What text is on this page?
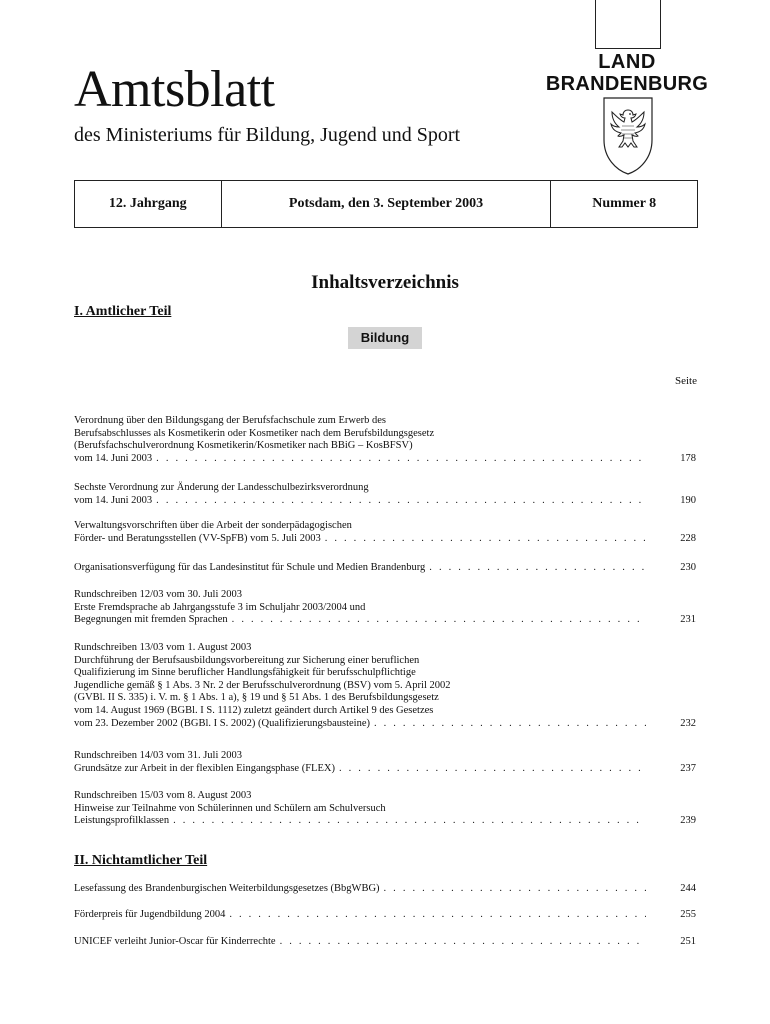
Amtsblatt
des Ministeriums für Bildung, Jugend und Sport
LAND
BRANDENBURG
12. Jahrgang	Potsdam, den 3. September 2003	Nummer 8
Inhaltsverzeichnis
I. Amtlicher Teil
Bildung
Seite
Verordnung über den Bildungsgang der Berufsfachschule zum Erwerb des
Berufsabschlusses als Kosmetikerin oder Kosmetiker nach dem Berufsbildungsgesetz
(Berufsfachschulverordnung Kosmetikerin/Kosmetiker nach BBiG – KosBFSV)
vom 14. Juni 2003 . . .	178
Sechste Verordnung zur Änderung der Landesschulbezirksverordnung
vom 14. Juni 2003 . . .	190
Verwaltungsvorschriften über die Arbeit der sonderpädagogischen
Förder- und Beratungsstellen (VV-SpFB) vom 5. Juli 2003 . . .	228
Organisationsverfügung für das Landesinstitut für Schule und Medien Brandenburg . . .	230
Rundschreiben 12/03 vom 30. Juli 2003
Erste Fremdsprache ab Jahrgangsstufe 3 im Schuljahr 2003/2004 und
Begegnungen mit fremden Sprachen . . .	231
Rundschreiben 13/03 vom 1. August 2003
Durchführung der Berufsausbildungsvorbereitung zur Sicherung einer beruflichen
Qualifizierung im Sinne beruflicher Handlungsfähigkeit für berufsschulpflichtige
Jugendliche gemäß § 1 Abs. 3 Nr. 2 der Berufsschulverordnung (BSV) vom 5. April 2002
(GVBl. II S. 335) i. V. m. § 1 Abs. 1 a), § 19 und § 51 Abs. 1 des Berufsbildungsgesetz
vom 14. August 1969 (BGBl. I S. 1112) zuletzt geändert durch Artikel 9 des Gesetzes
vom 23. Dezember 2002 (BGBl. I S. 2002) (Qualifizierungsbausteine) . . .	232
Rundschreiben 14/03 vom 31. Juli 2003
Grundsätze zur Arbeit in der flexiblen Eingangsphase (FLEX) . . .	237
Rundschreiben 15/03 vom 8. August 2003
Hinweise zur Teilnahme von Schülerinnen und Schülern am Schulversuch
Leistungsprofilklassen . . .	239
II. Nichtamtlicher Teil
Lesefassung des Brandenburgischen Weiterbildungsgesetzes (BbgWBG) . . .	244
Förderpreis für Jugendbildung 2004 . . .	255
UNICEF verleiht Junior-Oscar für Kinderrechte . . .	251
